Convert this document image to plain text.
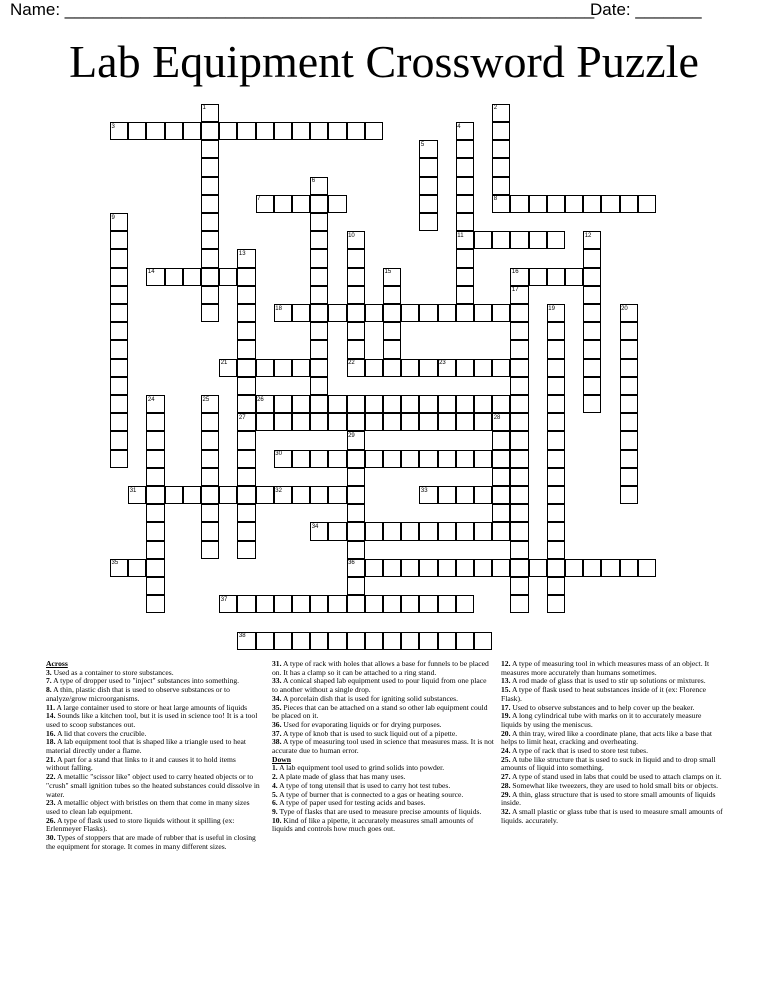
Name: ________________________________________________________
Date: _______
Lab Equipment Crossword Puzzle
1	2
3	4
5
6
7	8
9
10	11	12
13
14	15	16
17
18	19	20
21	22	23
24	25	26
27	28
29
30
31	32	33
34
35	36
37
38

Across

3. Used as a container to store substances.

7. A type of dropper used to "inject" substances into something.

8. A thin, plastic dish that is used to observe substances or to analyze/grow microorganisms.

11. A large container used to store or heat large amounts of liquids

14. Sounds like a kitchen tool, but it is used in science too! It is a tool used to scoop substances out.

16. A lid that covers the crucible.

18. A lab equipment tool that is shaped like a triangle used to heat material directly under a flame.

21. A part for a stand that links to it and causes it to hold items without falling.

22. A metallic "scissor like" object used to carry heated objects or to "crush" small ignition tubes so the heated substances could dissolve in water.

23. A metallic object with bristles on them that come in many sizes used to clean lab equipment.

26. A type of flask used to store liquids without it spilling (ex: Erlenmeyer Flasks).

30. Types of stoppers that are made of rubber that is useful in closing the equipment for storage. It comes in many different sizes.

31. A type of rack with holes that allows a base for funnels to be placed on. It has a clamp so it can be attached to a ring stand.

33. A conical shaped lab equipment used to pour liquid from one place to another without a single drop.

34. A porcelain dish that is used for igniting solid substances.

35. Pieces that can be attached on a stand so other lab equipment could be placed on it.

36. Used for evaporating liquids or for drying purposes.

37. A type of knob that is used to suck liquid out of a pipette.

38. A type of measuring tool used in science that measures mass. It is not accurate due to human error.

Down

1. A lab equipment tool used to grind solids into powder.

2. A plate made of glass that has many uses.

4. A type of tong utensil that is used to carry hot test tubes.

5. A type of burner that is connected to a gas or heating source.

6. A type of paper used for testing acids and bases.

9. Type of flasks that are used to measure precise amounts of liquids.

10. Kind of like a pipette, it accurately measures small amounts of liquids and controls how much goes out.

12. A type of measuring tool in which measures mass of an object. It measures more accurately than humans sometimes.

13. A rod made of glass that is used to stir up solutions or mixtures.

15. A type of flask used to heat substances inside of it (ex: Florence Flask).

17. Used to observe substances and to help cover up the beaker.

19. A long cylindrical tube with marks on it to accurately measure liquids by using the meniscus.

20. A thin tray, wired like a coordinate plane, that acts like a base that helps to limit heat, cracking and overheating.

24. A type of rack that is used to store test tubes.

25. A tube like structure that is used to suck in liquid and to drop small amounts of liquid into something.

27. A type of stand used in labs that could be used to attach clamps on it.

28. Somewhat like tweezers, they are used to hold small bits or objects.

29. A thin, glass structure that is used to store small amounts of liquids inside.

32. A small plastic or glass tube that is used to measure small amounts of liquids. accurately.
